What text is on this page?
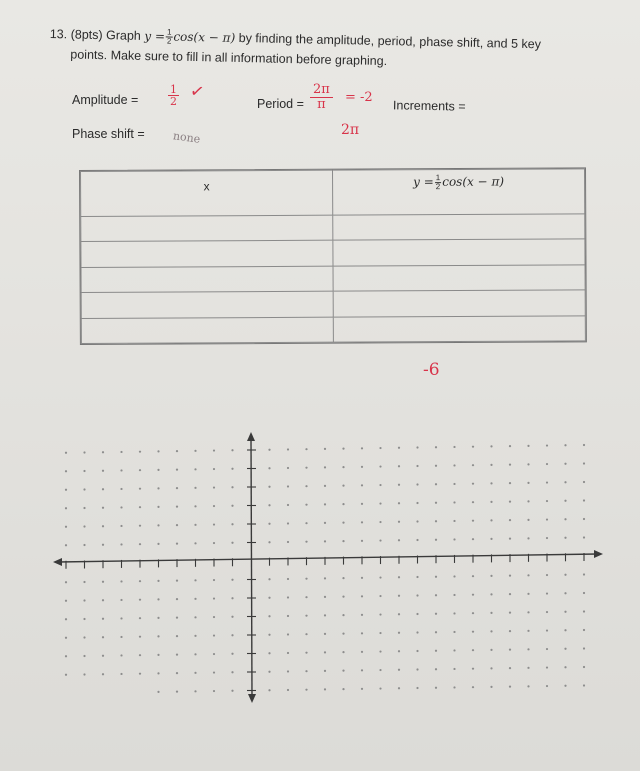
13. (8pts) Graph $y = \frac{1}{2} \cos(x - \pi)$ by finding the amplitude, period, phase shift, and 5 key
points. Make sure to fill in all information before graphing.
Amplitude =
1
2 ✓
Phase shift =	none
Period =
2π
π	= -2
2π
Increments =
x	$y = \frac{1}{2} \cos(x - \pi)$

-6
